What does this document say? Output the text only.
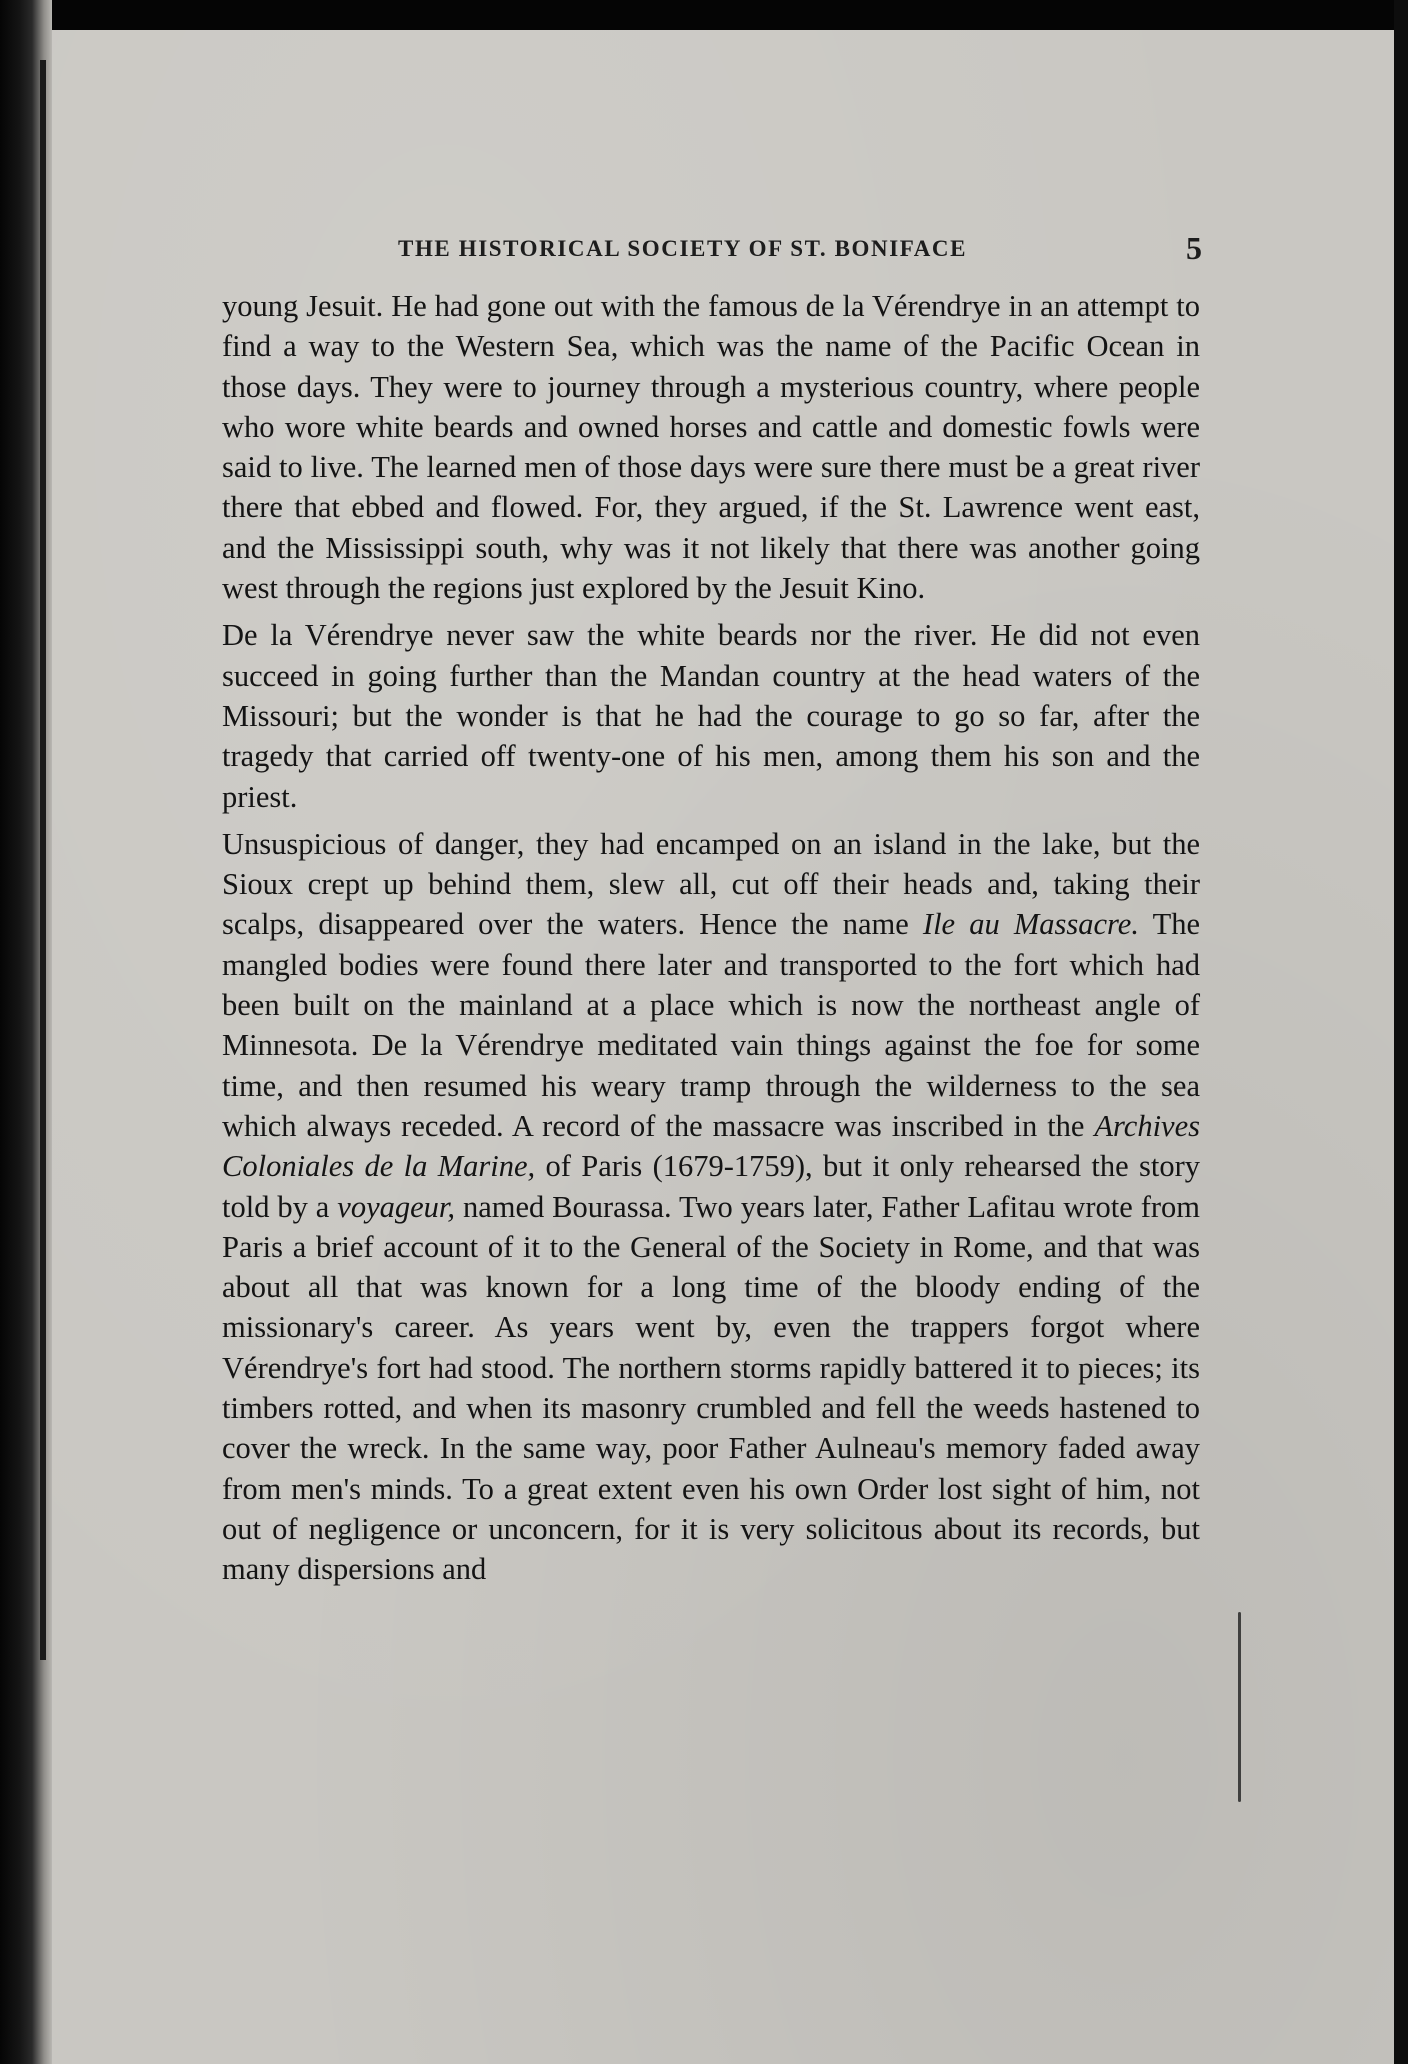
THE HISTORICAL SOCIETY OF ST. BONIFACE	5

young Jesuit. He had gone out with the famous de la Vérendrye in an attempt to find a way to the Western Sea, which was the name of the Pacific Ocean in those days. They were to journey through a mysterious country, where people who wore white beards and owned horses and cattle and domestic fowls were said to live. The learned men of those days were sure there must be a great river there that ebbed and flowed. For, they argued, if the St. Lawrence went east, and the Mississippi south, why was it not likely that there was another going west through the regions just explored by the Jesuit Kino.

De la Vérendrye never saw the white beards nor the river. He did not even succeed in going further than the Mandan country at the head waters of the Missouri; but the wonder is that he had the courage to go so far, after the tragedy that carried off twenty-one of his men, among them his son and the priest.

Unsuspicious of danger, they had encamped on an island in the lake, but the Sioux crept up behind them, slew all, cut off their heads and, taking their scalps, disappeared over the waters. Hence the name Ile au Massacre. The mangled bodies were found there later and transported to the fort which had been built on the mainland at a place which is now the northeast angle of Minnesota. De la Vérendrye meditated vain things against the foe for some time, and then resumed his weary tramp through the wilderness to the sea which always receded. A record of the massacre was inscribed in the Archives Coloniales de la Marine, of Paris (1679-1759), but it only rehearsed the story told by a voyageur, named Bourassa. Two years later, Father Lafitau wrote from Paris a brief account of it to the General of the Society in Rome, and that was about all that was known for a long time of the bloody ending of the missionary's career. As years went by, even the trappers forgot where Vérendrye's fort had stood. The northern storms rapidly battered it to pieces; its timbers rotted, and when its masonry crumbled and fell the weeds hastened to cover the wreck. In the same way, poor Father Aulneau's memory faded away from men's minds. To a great extent even his own Order lost sight of him, not out of negligence or unconcern, for it is very solicitous about its records, but many dispersions and
